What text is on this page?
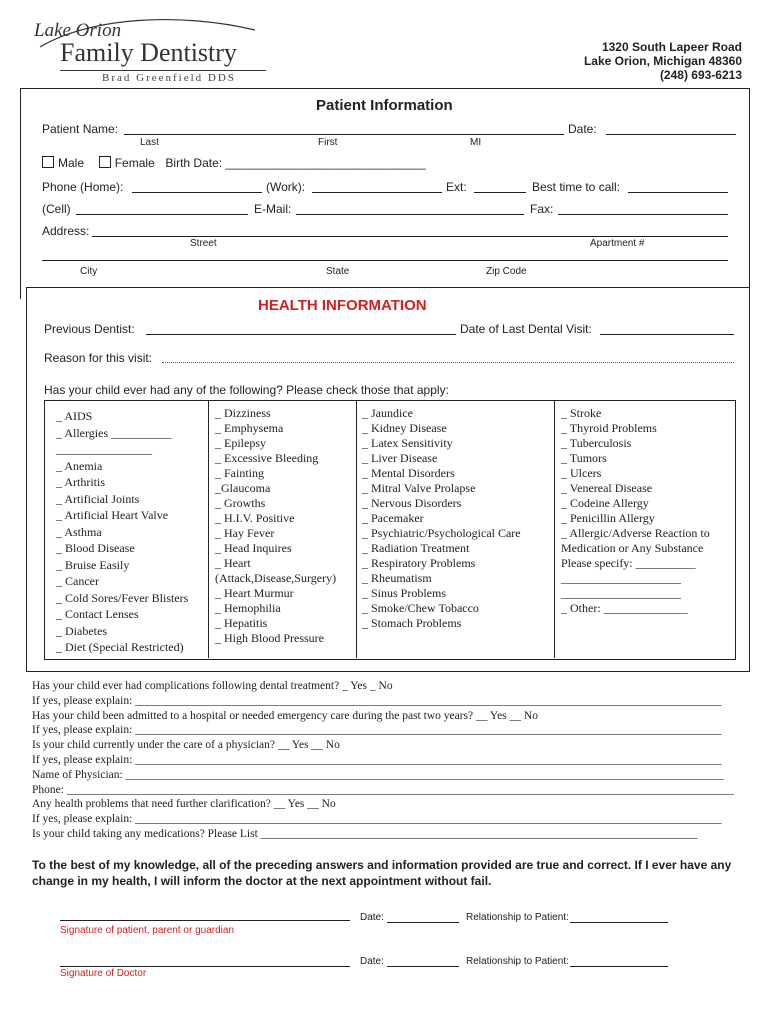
Lake Orion
Family Dentistry
Brad Greenfield DDS
1320 South Lapeer Road
Lake Orion, Michigan 48360
(248) 693-6213
Patient Information
Patient Name:	Date:
Last	First	MI
Male	Female Birth Date: ______________________________
Phone (Home):	(Work):	Ext:	Best time to call:
(Cell)	E-Mail:	Fax:
Address:
Street	Apartment #
City	State	Zip Code
HEALTH INFORMATION
Previous Dentist:	Date of Last Dental Visit:
Reason for this visit:
Has your child ever had any of the following? Please check those that apply:
_ AIDS
_ Allergies __________
________________
_ Anemia
_ Arthritis
_ Artificial Joints
_ Artificial Heart Valve
_ Asthma
_ Blood Disease
_ Bruise Easily
_ Cancer
_ Cold Sores/Fever Blisters
_ Contact Lenses
_ Diabetes
_ Diet (Special Restricted)
_ Dizziness
_ Emphysema
_ Epilepsy
_ Excessive Bleeding
_ Fainting
_Glaucoma
_ Growths
_ H.I.V. Positive
_ Hay Fever
_ Head Inquires
_ Heart
(Attack,Disease,Surgery)
_ Heart Murmur
_ Hemophilia
_ Hepatitis
_ High Blood Pressure
_ Jaundice
_ Kidney Disease
_ Latex Sensitivity
_ Liver Disease
_ Mental Disorders
_ Mitral Valve Prolapse
_ Nervous Disorders
_ Pacemaker
_ Psychiatric/Psychological Care
_ Radiation Treatment
_ Respiratory Problems
_ Rheumatism
_ Sinus Problems
_ Smoke/Chew Tobacco
_ Stomach Problems
_ Stroke
_ Thyroid Problems
_ Tuberculosis
_ Tumors
_ Ulcers
_ Venereal Disease
_ Codeine Allergy
_ Penicillin Allergy
_ Allergic/Adverse Reaction to
Medication or Any Substance
Please specify: __________
____________________
____________________
_ Other: ______________
Has your child ever had complications following dental treatment? _ Yes _ No
If yes, please explain: ______________________________________________________________________________________________________
Has your child been admitted to a hospital or needed emergency care during the past two years? __ Yes __ No
If yes, please explain: ______________________________________________________________________________________________________
Is your child currently under the care of a physician? __ Yes __ No
If yes, please explain: ______________________________________________________________________________________________________
Name of Physician: ________________________________________________________________________________________________________
Phone: ____________________________________________________________________________________________________________________
Any health problems that need further clarification? __ Yes __ No
If yes, please explain: ______________________________________________________________________________________________________
Is your child taking any medications? Please List ____________________________________________________________________________
To the best of my knowledge, all of the preceding answers and information provided are true and correct. If I ever have any change in my health, I will inform the doctor at the next appointment without fail.
Date:	Relationship to Patient:
Signature of patient, parent or guardian
Date:	Relationship to Patient:
Signature of Doctor
